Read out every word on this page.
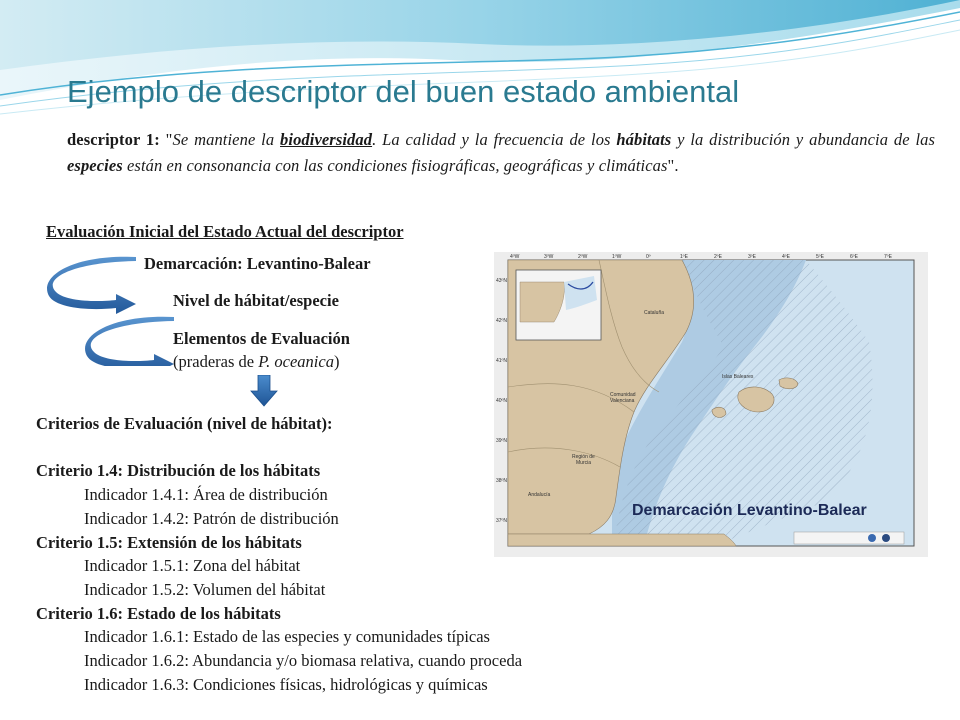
Ejemplo de descriptor del buen estado ambiental
descriptor 1: "Se mantiene la biodiversidad. La calidad y la frecuencia de los hábitats y la distribución y abundancia de las especies están en consonancia con las condiciones fisiográficas, geográficas y climáticas".
Evaluación Inicial del Estado Actual del descriptor
Demarcación: Levantino-Balear
Nivel de hábitat/especie
Elementos de Evaluación
(praderas de P. oceanica)
Criterios de Evaluación (nivel de hábitat):
Criterio 1.4: Distribución de los hábitats
Indicador 1.4.1: Área de distribución
Indicador 1.4.2: Patrón de distribución
Criterio 1.5: Extensión de los hábitats
Indicador 1.5.1: Zona del hábitat
Indicador 1.5.2: Volumen del hábitat
Criterio 1.6: Estado de los hábitats
Indicador 1.6.1: Estado de las especies y comunidades típicas
Indicador 1.6.2: Abundancia y/o biomasa relativa, cuando proceda
Indicador 1.6.3: Condiciones físicas, hidrológicas y químicas
4ºW	3ºW	2ºW	1ºW	0º	1ºE	2ºE	3ºE	4ºE	5ºE	6ºE	7ºE
43ºN
42ºN
41ºN
40ºN
39ºN
38ºN
37ºN
Cataluña
Islas Baleares
Comunidad
Valenciana
Región de
Murcia
Andalucía
Demarcación Levantino-Balear
